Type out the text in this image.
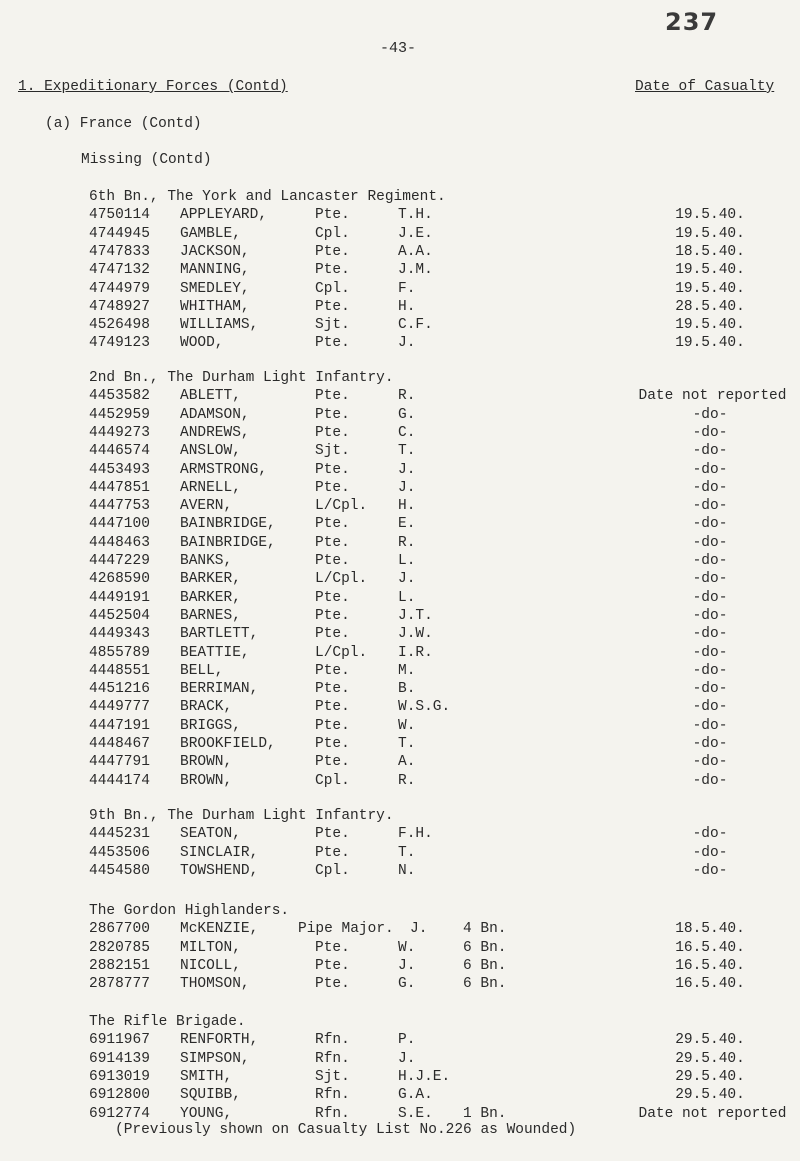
237
-43-
1. Expeditionary Forces (Contd)	Date of Casualty
(a) France (Contd)
Missing (Contd)
6th Bn., The York and Lancaster Regiment.
4750114 APPLEYARD,	Pte.	T.H.	19.5.40.
4744945 GAMBLE,	Cpl.	J.E.	19.5.40.
4747833 JACKSON,	Pte.	A.A.	18.5.40.
4747132 MANNING,	Pte.	J.M.	19.5.40.
4744979 SMEDLEY,	Cpl.	F.	19.5.40.
4748927 WHITHAM,	Pte.	H.	28.5.40.
4526498 WILLIAMS,	Sjt.	C.F.	19.5.40.
4749123 WOOD,	Pte.	J.	19.5.40.
2nd Bn., The Durham Light Infantry.
4453582 ABLETT,	Pte.	R.	Date not reported
4452959 ADAMSON,	Pte.	G.	-do-
4449273 ANDREWS,	Pte.	C.	-do-
4446574 ANSLOW,	Sjt.	T.	-do-
4453493 ARMSTRONG,	Pte.	J.	-do-
4447851 ARNELL,	Pte.	J.	-do-
4447753 AVERN,	L/Cpl. H.	-do-
4447100 BAINBRIDGE,	Pte.	E.	-do-
4448463 BAINBRIDGE,	Pte.	R.	-do-
4447229 BANKS,	Pte.	L.	-do-
4268590 BARKER,	L/Cpl. J.	-do-
4449191 BARKER,	Pte.	L.	-do-
4452504 BARNES,	Pte.	J.T.	-do-
4449343 BARTLETT,	Pte.	J.W.	-do-
4855789 BEATTIE,	L/Cpl. I.R.	-do-
4448551 BELL,	Pte.	M.	-do-
4451216 BERRIMAN,	Pte.	B.	-do-
4449777 BRACK,	Pte.	W.S.G.	-do-
4447191 BRIGGS,	Pte.	W.	-do-
4448467 BROOKFIELD,	Pte.	T.	-do-
4447791 BROWN,	Pte.	A.	-do-
4444174 BROWN,	Cpl.	R.	-do-
9th Bn., The Durham Light Infantry.
4445231 SEATON,	Pte.	F.H.	-do-
4453506 SINCLAIR,	Pte.	T.	-do-
4454580 TOWSHEND,	Cpl.	N.	-do-
The Gordon Highlanders.
2867700 McKENZIE,	Pipe Major. J. 4 Bn.	18.5.40.
2820785 MILTON,	Pte.	W.	6 Bn.	16.5.40.
2882151 NICOLL,	Pte.	J.	6 Bn.	16.5.40.
2878777 THOMSON,	Pte.	G.	6 Bn.	16.5.40.
The Rifle Brigade.
6911967 RENFORTH,	Rfn.	P.	29.5.40.
6914139 SIMPSON,	Rfn.	J.	29.5.40.
6913019 SMITH,	Sjt.	H.J.E.	29.5.40.
6912800 SQUIBB,	Rfn.	G.A.	29.5.40.
6912774 YOUNG,	Rfn.	S.E. 1 Bn.	Date not reported
(Previously shown on Casualty List No.226 as Wounded)
